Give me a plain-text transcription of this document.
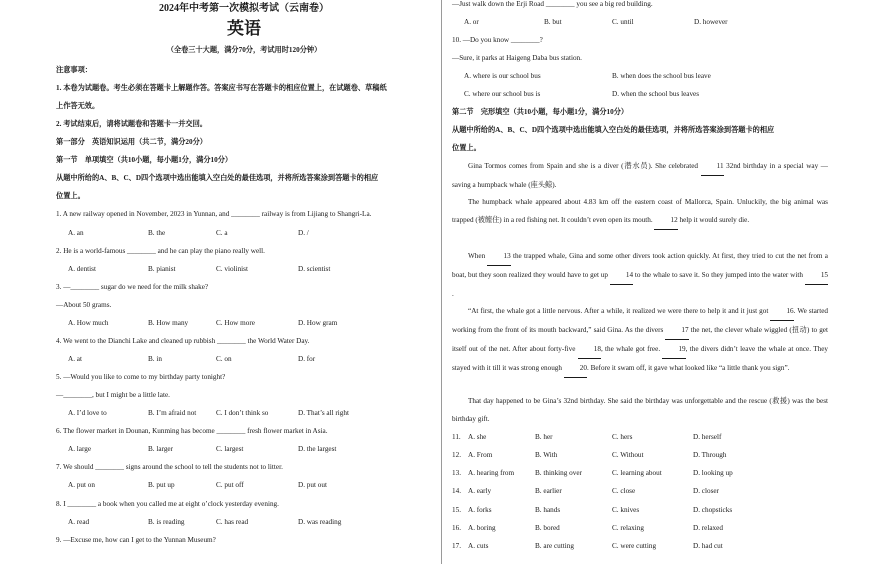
2024年中考第一次模拟考试（云南卷）
英语
（全卷三十大题，满分70分，考试用时120分钟）
注意事项：
1. 本卷为试题卷。考生必须在答题卡上解题作答。答案应书写在答题卡的相应位置上，在试题卷、草稿纸
上作答无效。
2. 考试结束后，请将试题卷和答题卡一并交回。
第一部分　英语知识运用（共二节，满分20分）
第一节　单项填空（共10小题，每小题1分，满分10分）
从题中所给的A、B、C、D四个选项中选出能填入空白处的最佳选项，并将所选答案涂到答题卡的相应
位置上。
1. A new railway opened in November, 2023 in Yunnan, and ________ railway is from Lijiang to Shangri-La.
A. an	B. the	C. a	D. /
2. He is a world-famous ________ and he can play the piano really well.
A. dentist	B. pianist	C. violinist	D. scientist
3. —________ sugar do we need for the milk shake?
—About 50 grams.
A. How much	B. How many	C. How more	D. How gram
4. We went to the Dianchi Lake and cleaned up rubbish ________ the World Water Day.
A. at	B. in	C. on	D. for
5. —Would you like to come to my birthday party tonight?
—________, but I might be a little late.
A. I’d love to	B. I’m afraid not	C. I don’t think so	D. That’s all right
6. The flower market in Dounan, Kunming has become ________ fresh flower market in Asia.
A. large	B. larger	C. largest	D. the largest
7. We should ________ signs around the school to tell the students not to litter.
A. put on	B. put up	C. put off	D. put out
8. I ________ a book when you called me at eight o’clock yesterday evening.
A. read	B. is reading	C. has read	D. was reading
9. —Excuse me, how can I get to the Yunnan Museum?
—Just walk down the Erji Road ________ you see a big red building.
A. or	B. but	C. until	D. however
10. —Do you know ________?
—Sure, it parks at Haigeng Daba bus station.
A. where is our school bus	B. when does the school bus leave
C. where our school bus is	D. when the school bus leaves
第二节　完形填空（共10小题，每小题1分，满分10分）
从题中所给的A、B、C、D四个选项中选出能填入空白处的最佳选项，并将所选答案涂到答题卡的相应
位置上。
Gina Tormos comes from Spain and she is a diver (潜水员). She celebrated 11 32nd birthday in a special way — saving a humpback whale (座头鲸).
The humpback whale appeared about 4.83 km off the eastern coast of Mallorca, Spain. Unluckily, the big animal was trapped (被缠住) in a red fishing net. It couldn’t even open its mouth. 12 help it would surely die.
When 13 the trapped whale, Gina and some other divers took action quickly. At first, they tried to cut the net from a boat, but they soon realized they would have to get up 14 to the whale to save it. So they jumped into the water with 15.
“At first, the whale got a little nervous. After a while, it realized we were there to help it and it just got 16. We started working from the front of its mouth backward,” said Gina. As the divers 17 the net, the clever whale wiggled (扭动) to get itself out of the net. After about forty-five 18, the whale got free. 19, the divers didn’t leave the whale at once. They stayed with it till it was strong enough 20. Before it swam off, it gave what looked like “a little thank you sign”.
That day happened to be Gina’s 32nd birthday. She said the birthday was unforgettable and the rescue (救援) was the best birthday gift.
11. A. she	B. her	C. hers	D. herself
12. A. From	B. With	C. Without	D. Through
13. A. hearing from	B. thinking over	C. learning about	D. looking up
14. A. early	B. earlier	C. close	D. closer
15. A. forks	B. hands	C. knives	D. chopsticks
16. A. boring	B. bored	C. relaxing	D. relaxed
17. A. cuts	B. are cutting	C. were cutting	D. had cut
